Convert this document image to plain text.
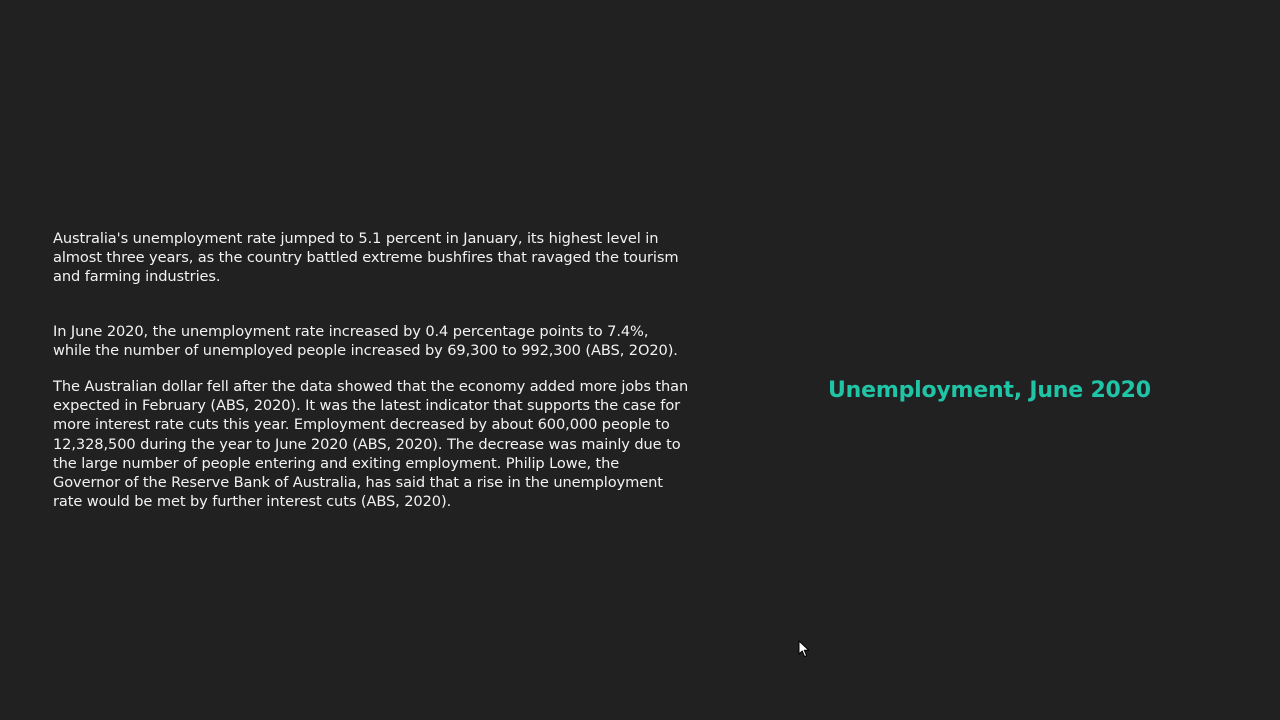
Australia's unemployment rate jumped to 5.1 percent in January, its highest level in almost three years, as the country battled extreme bushfires that ravaged the tourism and farming industries.

In June 2020, the unemployment rate increased by 0.4 percentage points to 7.4%, while the number of unemployed people increased by 69,300 to 992,300 (ABS, 2O20).

The Australian dollar fell after the data showed that the economy added more jobs than expected in February (ABS, 2020). It was the latest indicator that supports the case for more interest rate cuts this year. Employment decreased by about 600,000 people to 12,328,500 during the year to June 2020 (ABS, 2020). The decrease was mainly due to the large number of people entering and exiting employment. Philip Lowe, the Governor of the Reserve Bank of Australia, has said that a rise in the unemployment rate would be met by further interest cuts (ABS, 2020).

Unemployment, June 2020
